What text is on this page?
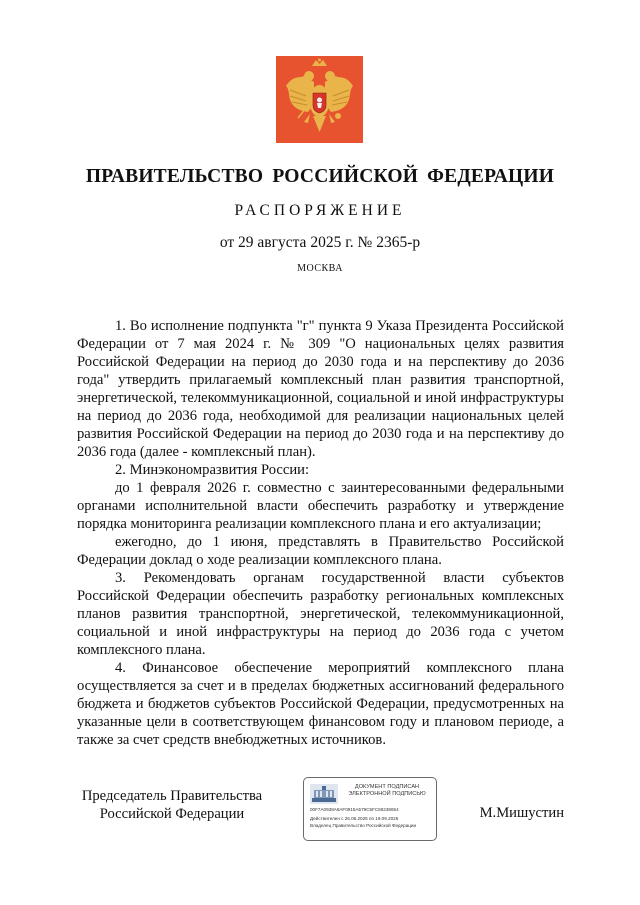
ПРАВИТЕЛЬСТВО РОССИЙСКОЙ ФЕДЕРАЦИИ
РАСПОРЯЖЕНИЕ
от 29 августа 2025 г. № 2365-р
МОСКВА

1. Во исполнение подпункта "г" пункта 9 Указа Президента Российской Федерации от 7 мая 2024 г. № 309 "О национальных целях развития Российской Федерации на период до 2030 года и на перспективу до 2036 года" утвердить прилагаемый комплексный план развития транспортной, энергетической, телекоммуникационной, социальной и иной инфраструктуры на период до 2036 года, необходимой для реализации национальных целей развития Российской Федерации на период до 2030 года и на перспективу до 2036 года (далее - комплексный план).

2. Минэкономразвития России:

до 1 февраля 2026 г. совместно с заинтересованными федеральными органами исполнительной власти обеспечить разработку и утверждение порядка мониторинга реализации комплексного плана и его актуализации;

ежегодно, до 1 июня, представлять в Правительство Российской Федерации доклад о ходе реализации комплексного плана.

3. Рекомендовать органам государственной власти субъектов Российской Федерации обеспечить разработку региональных комплексных планов развития транспортной, энергетической, телекоммуникационной, социальной и иной инфраструктуры на период до 2036 года с учетом комплексного плана.

4. Финансовое обеспечение мероприятий комплексного плана осуществляется за счет и в пределах бюджетных ассигнований федерального бюджета и бюджетов субъектов Российской Федерации, предусмотренных на указанные цели в соответствующем финансовом году и плановом периоде, а также за счет средств внебюджетных источников.

Председатель Правительства
Российской Федерации
ДОКУМЕНТ ПОДПИСАН
ЭЛЕКТРОННОЙ ПОДПИСЬЮ
00F7A0938A8AF0915A579C5FC86238654
Действителен с 26.06.2025 по 19.09.2026
Владелец Правительство Российской Федерации
М.Мишустин
